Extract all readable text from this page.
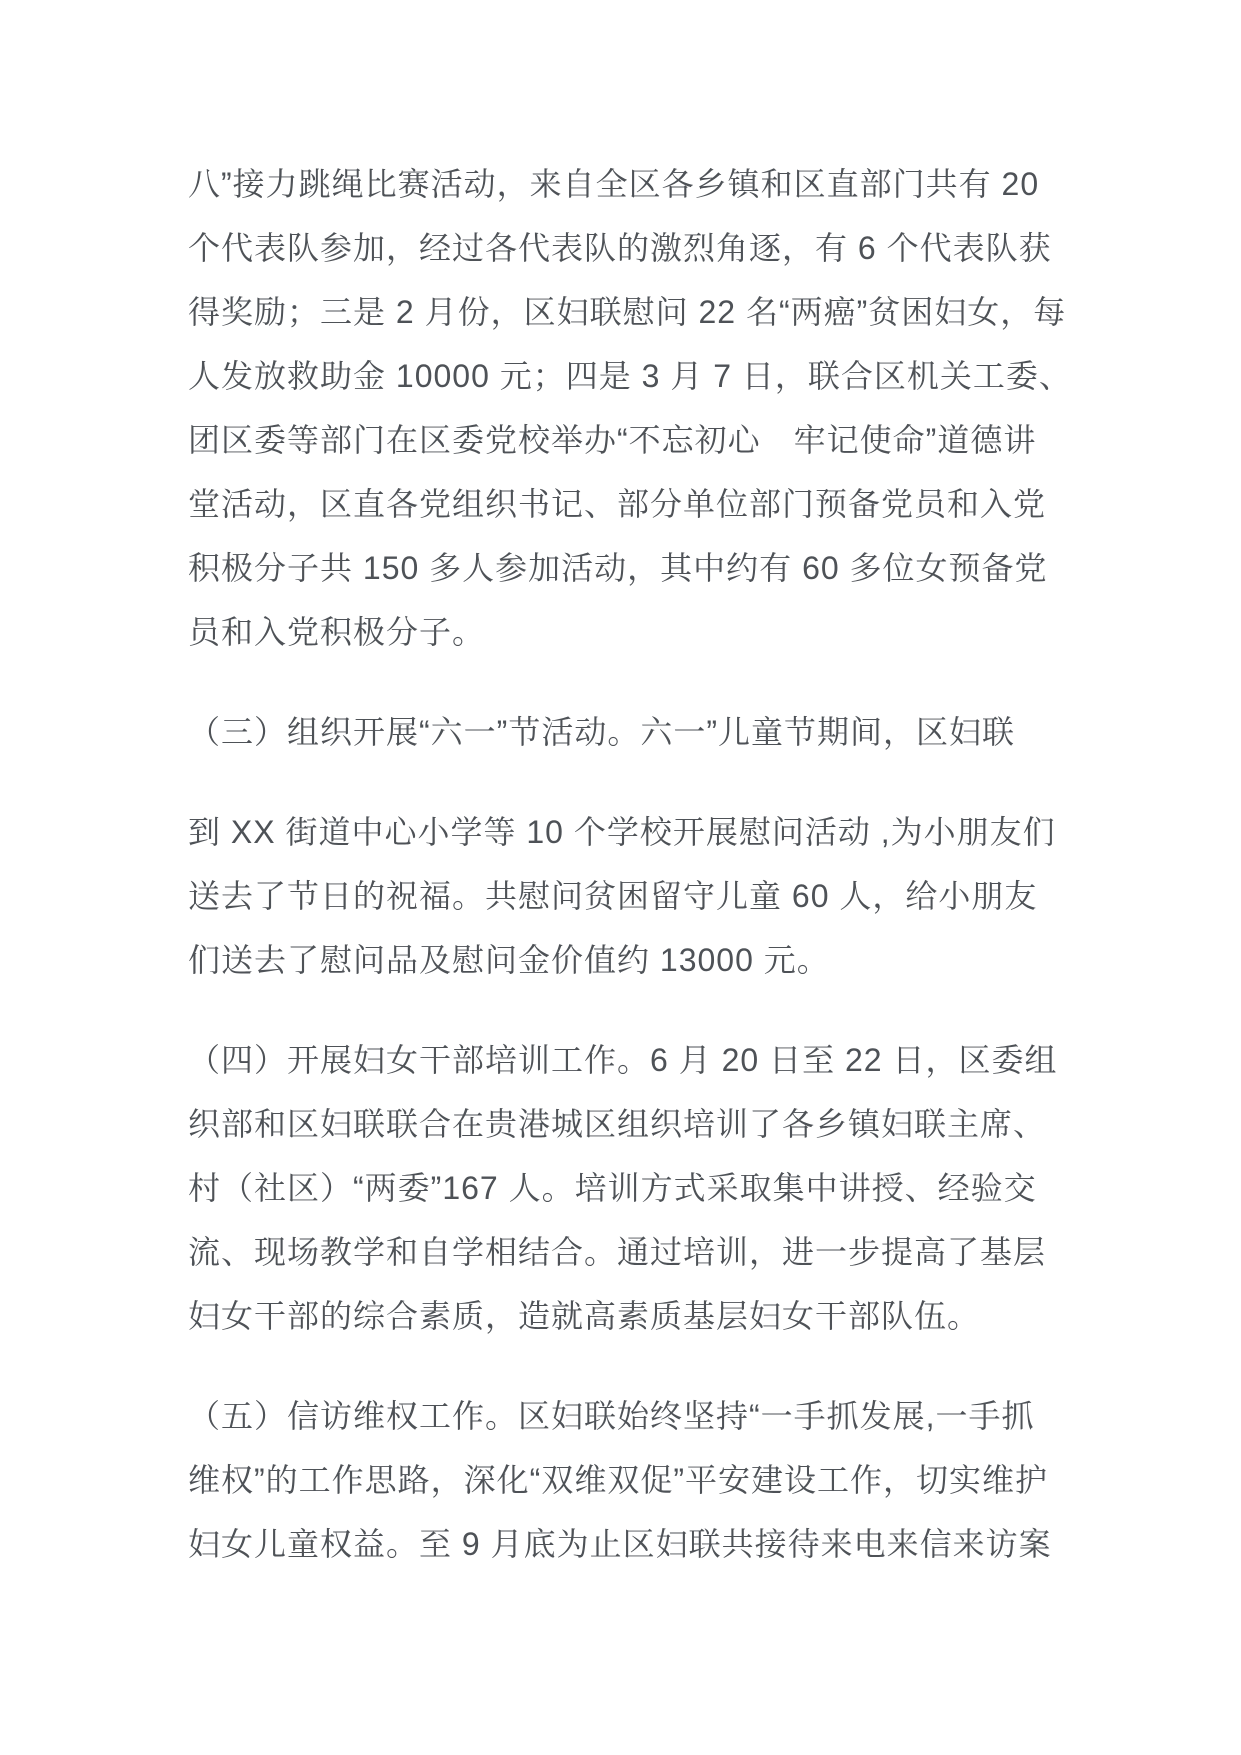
八”接力跳绳比赛活动，来自全区各乡镇和区直部门共有 20
个代表队参加，经过各代表队的激烈角逐，有 6 个代表队获
得奖励；三是 2 月份，区妇联慰问 22 名“两癌”贫困妇女，每
人发放救助金 10000 元；四是 3 月 7 日，联合区机关工委、
团区委等部门在区委党校举办“不忘初心　牢记使命”道德讲
堂活动，区直各党组织书记、部分单位部门预备党员和入党
积极分子共 150 多人参加活动，其中约有 60 多位女预备党
员和入党积极分子。
（三）组织开展“六一”节活动。六一”儿童节期间，区妇联
到 XX 街道中心小学等 10 个学校开展慰问活动 ,为小朋友们
送去了节日的祝福。共慰问贫困留守儿童 60 人，给小朋友
们送去了慰问品及慰问金价值约 13000 元。
（四）开展妇女干部培训工作。6 月 20 日至 22 日，区委组
织部和区妇联联合在贵港城区组织培训了各乡镇妇联主席、
村（社区）“两委”167 人。培训方式采取集中讲授、经验交
流、现场教学和自学相结合。通过培训，进一步提高了基层
妇女干部的综合素质，造就高素质基层妇女干部队伍。
（五）信访维权工作。区妇联始终坚持“一手抓发展,一手抓
维权”的工作思路，深化“双维双促”平安建设工作，切实维护
妇女儿童权益。至 9 月底为止区妇联共接待来电来信来访案
